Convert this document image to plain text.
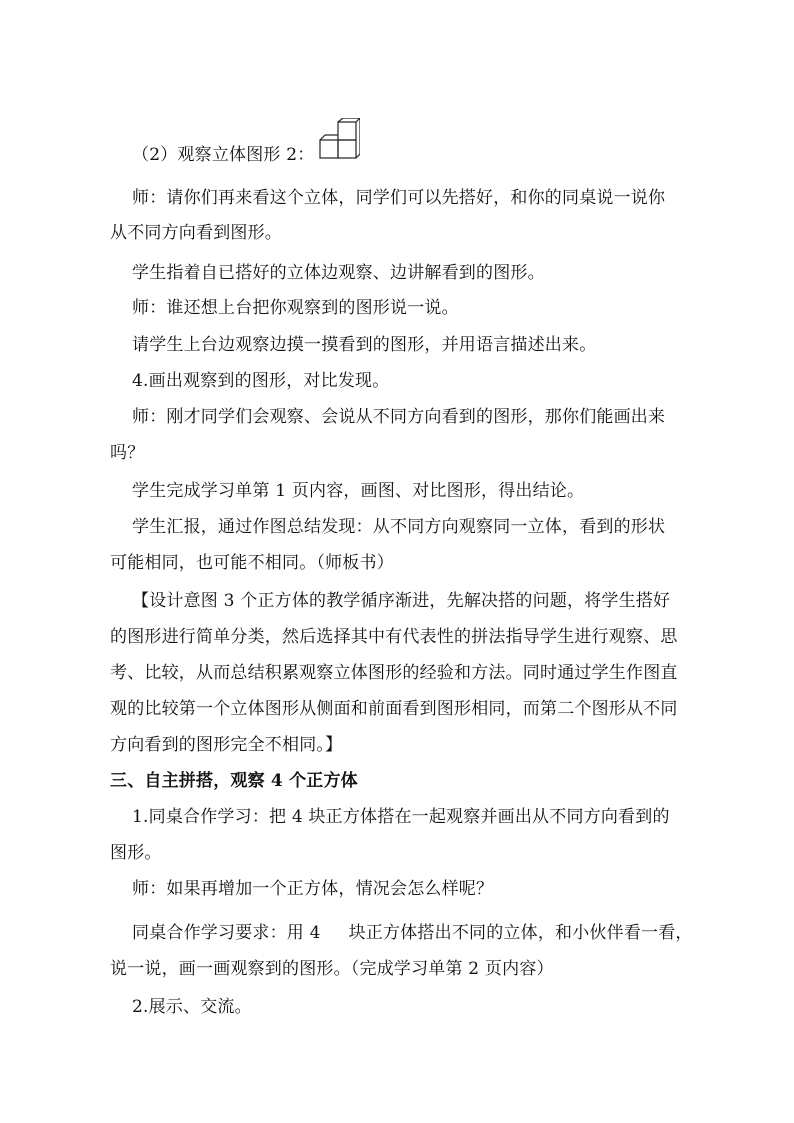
（2）观察立体图形 2：
师：请你们再来看这个立体，同学们可以先搭好，和你的同桌说一说你
从不同方向看到图形。
学生指着自已搭好的立体边观察、边讲解看到的图形。
师：谁还想上台把你观察到的图形说一说。
请学生上台边观察边摸一摸看到的图形，并用语言描述出来。
4.画出观察到的图形，对比发现。
师：刚才同学们会观察、会说从不同方向看到的图形，那你们能画出来
吗？
学生完成学习单第 1 页内容，画图、对比图形，得出结论。
学生汇报，通过作图总结发现：从不同方向观察同一立体，看到的形状
可能相同，也可能不相同。（师板书）
【设计意图 3 个正方体的教学循序渐进，先解决搭的问题，将学生搭好
的图形进行简单分类，然后选择其中有代表性的拼法指导学生进行观察、思
考、比较，从而总结积累观察立体图形的经验和方法。同时通过学生作图直
观的比较第一个立体图形从侧面和前面看到图形相同，而第二个图形从不同
方向看到的图形完全不相同。】
三、自主拼搭，观察 4 个正方体
1.同桌合作学习：把 4 块正方体搭在一起观察并画出从不同方向看到的
图形。
师：如果再增加一个正方体，情况会怎么样呢？
同桌合作学习要求：用 4 块正方体搭出不同的立体，和小伙伴看一看，
说一说，画一画观察到的图形。（完成学习单第 2 页内容）
2.展示、交流。
